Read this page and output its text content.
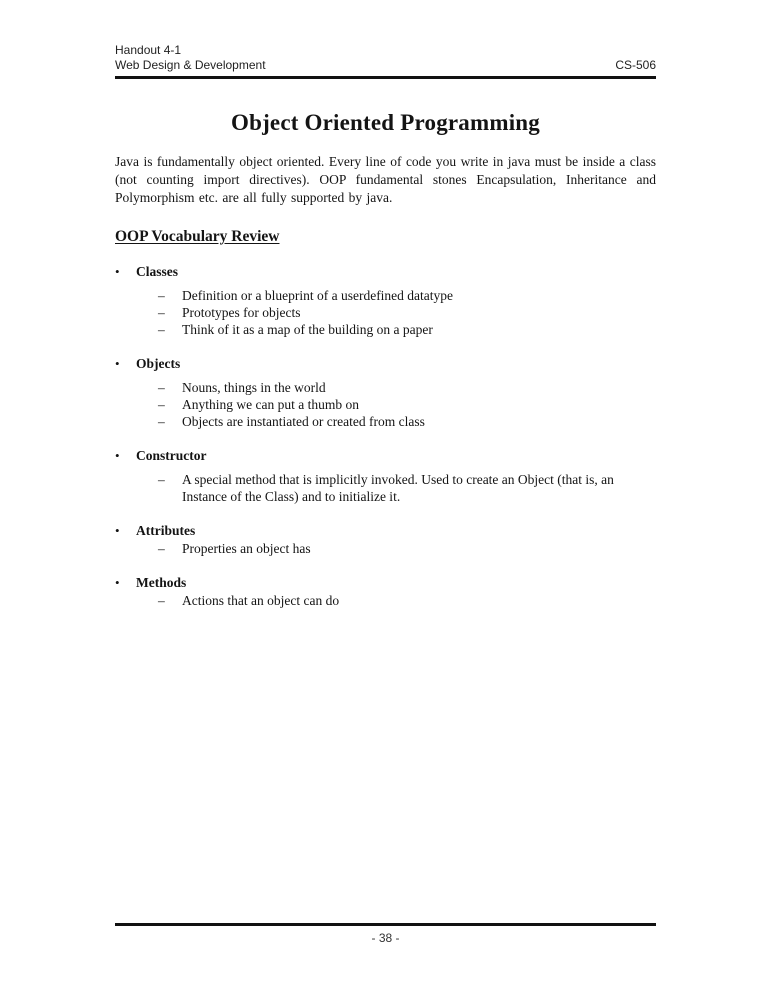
Handout 4-1
Web Design & Development	CS-506
Object Oriented Programming

Java is fundamentally object oriented. Every line of code you write in java must be inside a class (not counting import directives). OOP fundamental stones Encapsulation, Inheritance and Polymorphism etc. are all fully supported by java.

OOP Vocabulary Review
•	Classes
–	Definition or a blueprint of a userdefined datatype
–	Prototypes for objects
–	Think of it as a map of the building on a paper
•	Objects
–	Nouns, things in the world
–	Anything we can put a thumb on
–	Objects are instantiated or created from class
•	Constructor
–	A special method that is implicitly invoked. Used to create an Object (that is, an Instance of the Class) and to initialize it.
•	Attributes
–	Properties an object has
•	Methods
–	Actions that an object can do
- 38 -
